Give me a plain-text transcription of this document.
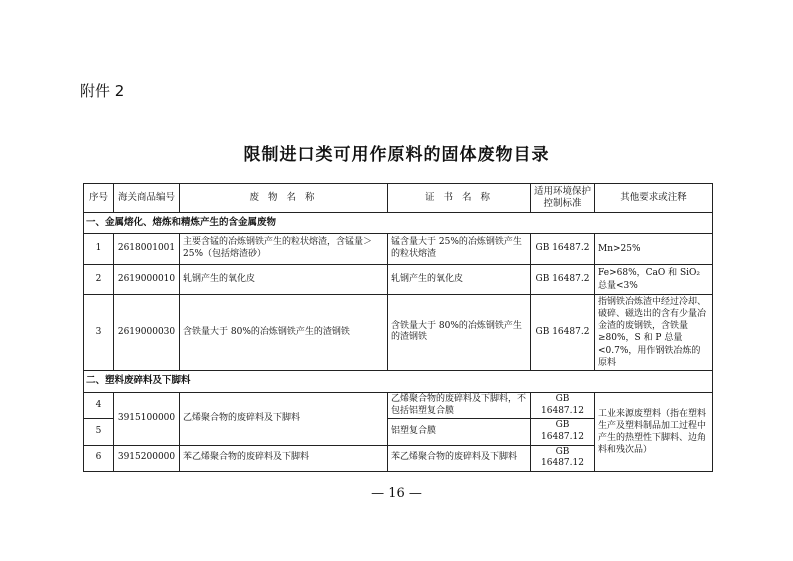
附件 2
限制进口类可用作原料的固体废物目录
序号	海关商品编号	废 物 名 称	证 书 名 称	适用环境保护控制标准	其他要求或注释
一、金属熔化、熔炼和精炼产生的含金属废物					
1	2618001001	主要含锰的冶炼钢铁产生的粒状熔渣，含锰量＞25%（包括熔渣砂）	锰含量大于 25%的冶炼钢铁产生的粒状熔渣	GB 16487.2	Mn>25%
2	2619000010	轧钢产生的氧化皮	轧钢产生的氧化皮	GB 16487.2	Fe>68%，CaO 和 SiO₂ 总量<3%
3	2619000030	含铁量大于 80%的冶炼钢铁产生的渣钢铁	含铁量大于 80%的冶炼钢铁产生的渣钢铁	GB 16487.2	指钢铁冶炼渣中经过冷却、破碎、磁选出的含有少量冶金渣的废钢铁，含铁量≥80%，S 和 P 总量<0.7%，用作钢铁冶炼的原料
二、塑料废碎料及下脚料					
4	3915100000	乙烯聚合物的废碎料及下脚料	乙烯聚合物的废碎料及下脚料，不包括铝塑复合膜	GB 16487.12	工业来源废塑料（指在塑料生产及塑料制品加工过程中产生的热塑性下脚料、边角料和残次品）
5			铝塑复合膜	GB 16487.12	
6	3915200000	苯乙烯聚合物的废碎料及下脚料	苯乙烯聚合物的废碎料及下脚料	GB 16487.12	
— 16 —
